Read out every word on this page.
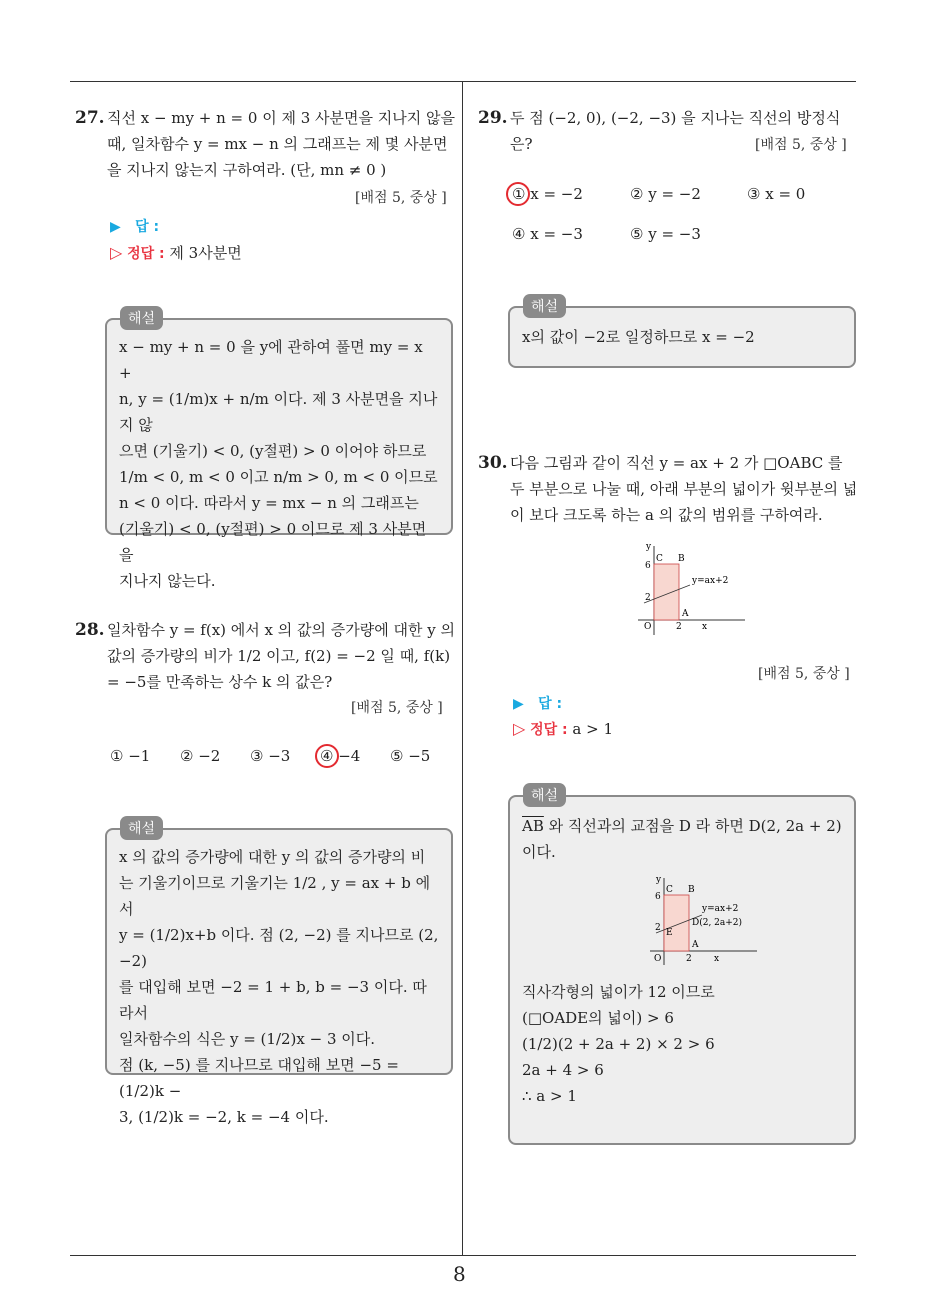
8
27. 직선 x − my + n = 0 이 제 3 사분면을 지나지 않을 때, 일차함수 y = mx − n 의 그래프는 제 몇 사분면을 지나지 않는지 구하여라. (단, mn ≠ 0 )
[배점 5, 중상 ]
▶ 답 :
▷ 정답 : 제 3사분면
x − my + n = 0 을 y에 관하여 풀면 my = x +
n, y = (1/m)x + n/m 이다. 제 3 사분면을 지나지 않
으면 (기울기) < 0, (y절편) > 0 이어야 하므로
1/m < 0, m < 0 이고 n/m > 0, m < 0 이므로
n < 0 이다. 따라서 y = mx − n 의 그래프는
(기울기) < 0, (y절편) > 0 이므로 제 3 사분면을
지나지 않는다.
해설
28. 일차함수 y = f(x) 에서 x 의 값의 증가량에 대한 y 의 값의 증가량의 비가 1/2 이고, f(2) = −2 일 때, f(k) = −5를 만족하는 상수 k 의 값은?
[배점 5, 중상 ]
① −1 ② −2 ③ −3 ④ −4 ⑤ −5
x 의 값의 증가량에 대한 y 의 값의 증가량의 비
는 기울기이므로 기울기는 1/2 , y = ax + b 에서
y = (1/2)x+b 이다. 점 (2, −2) 를 지나므로 (2, −2)
를 대입해 보면 −2 = 1 + b, b = −3 이다. 따라서
일차함수의 식은 y = (1/2)x − 3 이다.
점 (k, −5) 를 지나므로 대입해 보면 −5 = (1/2)k −
3, (1/2)k = −2, k = −4 이다.
해설
29. 두 점 (−2, 0), (−2, −3) 을 지나는 직선의 방정식은?	[배점 5, 중상 ]
① x = −2	② y = −2	③ x = 0
④ x = −3	⑤ y = −3
x의 값이 −2로 일정하므로 x = −2
해설
30. 다음 그림과 같이 직선 y = ax + 2 가 □OABC 를 두 부분으로 나눌 때, 아래 부분의 넓이가 윗부분의 넓이 보다 크도록 하는 a 의 값의 범위를 구하여라.
y
x
C B
A
O
6
2
2
y=ax+2
[배점 5, 중상 ]
▶ 답 :
▷ 정답 : a > 1
$\overline{AB}$ 와 직선과의 교점을 D 라 하면 D(2, 2a + 2)
이다.
y
x
C B
A
O
E
6
2
2
y=ax+2
D(2, 2a+2)
직사각형의 넓이가 12 이므로
(□OADE의 넓이) > 6
(1/2)(2 + 2a + 2) × 2 > 6
2a + 4 > 6
∴ a > 1
해설
